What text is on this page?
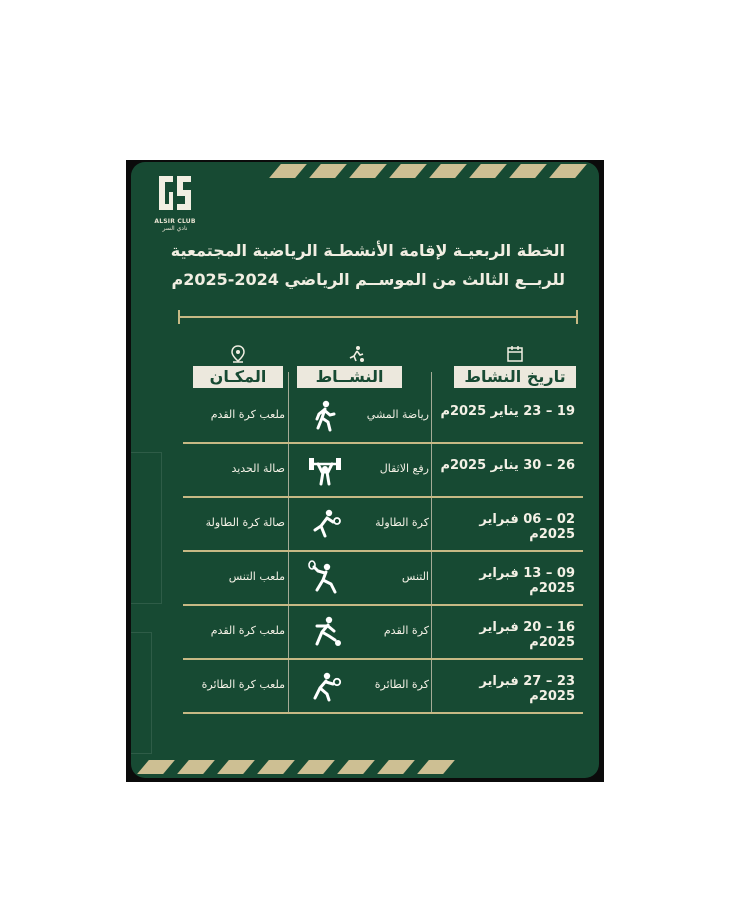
ALSIR CLUB
نادي السر
الخطة الربعيـة لإقامة الأنشطـة الرياضية المجتمعية
للربــع الثالث من الموســم الرياضي 2024-2025م
تاريخ النشاط
النشــاط
المكـان
19 – 23 يناير 2025م
رياضة المشي
ملعب كرة القدم
26 – 30 يناير 2025م
رفع الاثقال
صالة الحديد
02 – 06 فبراير 2025م
كرة الطاولة
صالة كرة الطاولة
09 – 13 فبراير 2025م
التنس
ملعب التنس
16 – 20 فبراير 2025م
كرة القدم
ملعب كرة القدم
23 – 27 فبراير 2025م
كرة الطائرة
ملعب كرة الطائرة
